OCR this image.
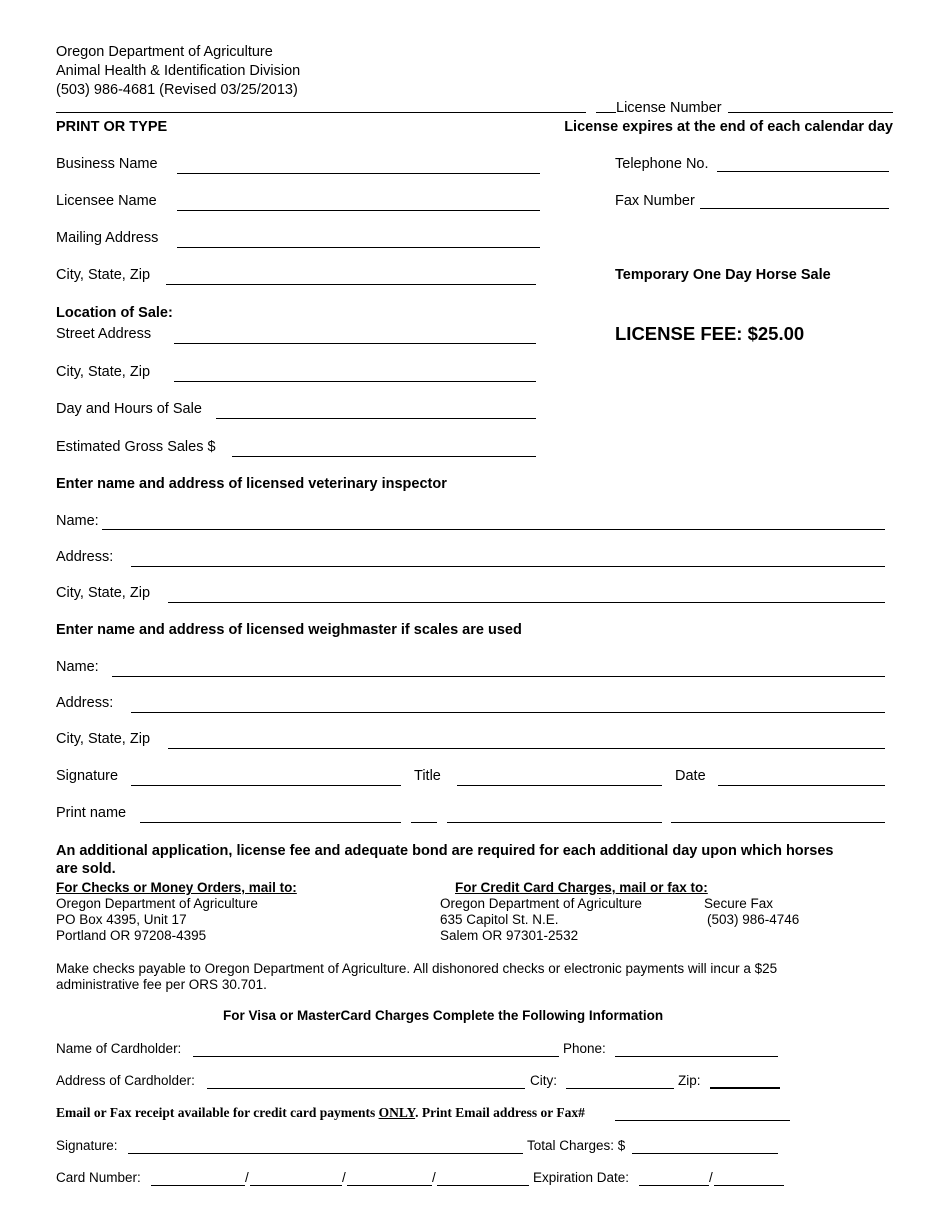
Oregon Department of Agriculture
Animal Health & Identification Division
(503) 986-4681 (Revised 03/25/2013)
License Number
PRINT OR TYPE	License expires at the end of each calendar day
Business Name	Telephone No.
Licensee Name	Fax Number
Mailing Address
City, State, Zip	Temporary One Day Horse Sale
Location of Sale:
Street Address	LICENSE FEE: $25.00
City, State, Zip
Day and Hours of Sale
Estimated Gross Sales $
Enter name and address of licensed veterinary inspector
Name:
Address:
City, State, Zip
Enter name and address of licensed weighmaster if scales are used
Name:
Address:
City, State, Zip
Signature	Title	Date
Print name
An additional application, license fee and adequate bond are required for each additional day upon which horses
are sold.
For Checks or Money Orders, mail to:
Oregon Department of Agriculture
PO Box 4395, Unit 17
Portland OR 97208-4395
For Credit Card Charges, mail or fax to:
Oregon Department of Agriculture
635 Capitol St. N.E.
Salem OR 97301-2532
Secure Fax
(503) 986-4746
Make checks payable to Oregon Department of Agriculture. All dishonored checks or electronic payments will incur a $25
administrative fee per ORS 30.701.
For Visa or MasterCard Charges Complete the Following Information
Name of Cardholder:	Phone:
Address of Cardholder:	City:	Zip:
Email or Fax receipt available for credit card payments ONLY. Print Email address or Fax#
Signature:	Total Charges: $
Card Number:	/	/	/	Expiration Date:	/
